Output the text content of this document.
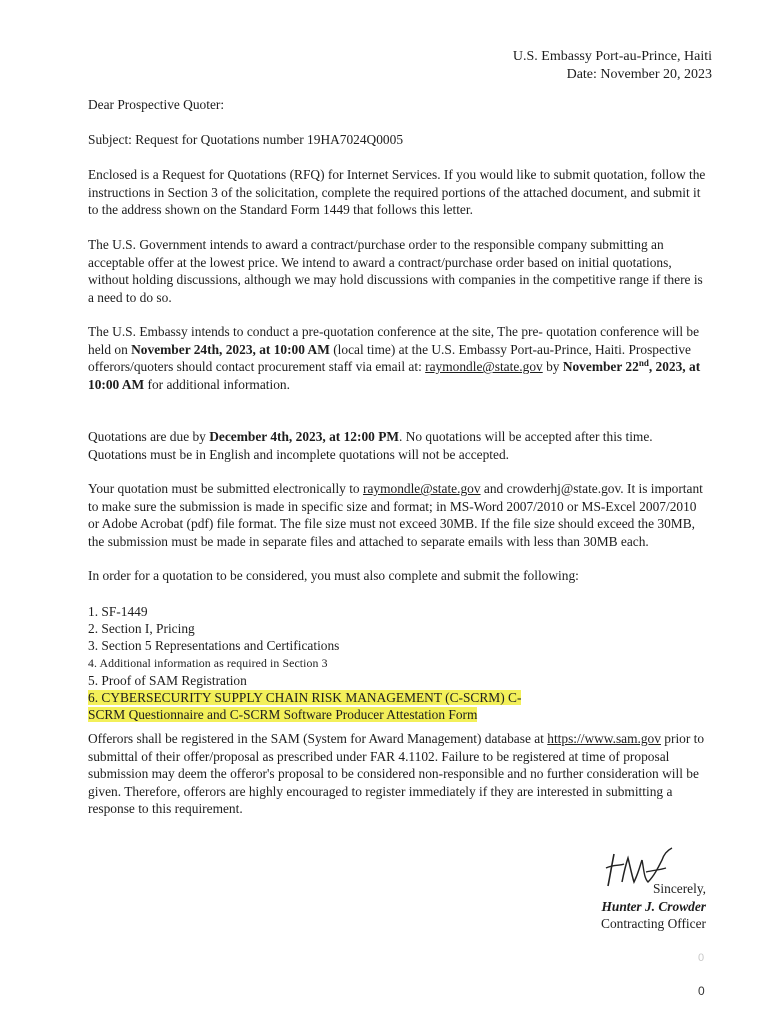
U.S. Embassy Port-au-Prince, Haiti
Date: November 20, 2023
Dear Prospective Quoter:
Subject: Request for Quotations number 19HA7024Q0005
Enclosed is a Request for Quotations (RFQ) for Internet Services. If you would like to submit quotation, follow the instructions in Section 3 of the solicitation, complete the required portions of the attached document, and submit it to the address shown on the Standard Form 1449 that follows this letter.
The U.S. Government intends to award a contract/purchase order to the responsible company submitting an acceptable offer at the lowest price. We intend to award a contract/purchase order based on initial quotations, without holding discussions, although we may hold discussions with companies in the competitive range if there is a need to do so.
The U.S. Embassy intends to conduct a pre-quotation conference at the site, The pre- quotation conference will be held on November 24th, 2023, at 10:00 AM (local time) at the U.S. Embassy Port-au-Prince, Haiti. Prospective offerors/quoters should contact procurement staff via email at: raymondle@state.gov by November 22nd, 2023, at 10:00 AM for additional information.
Quotations are due by December 4th, 2023, at 12:00 PM. No quotations will be accepted after this time. Quotations must be in English and incomplete quotations will not be accepted.
Your quotation must be submitted electronically to raymondle@state.gov and crowderhj@state.gov. It is important to make sure the submission is made in specific size and format; in MS-Word 2007/2010 or MS-Excel 2007/2010 or Adobe Acrobat (pdf) file format. The file size must not exceed 30MB. If the file size should exceed the 30MB, the submission must be made in separate files and attached to separate emails with less than 30MB each.
In order for a quotation to be considered, you must also complete and submit the following:
1. SF-1449
2. Section I, Pricing
3. Section 5 Representations and Certifications
4. Additional information as required in Section 3
5. Proof of SAM Registration
6. CYBERSECURITY SUPPLY CHAIN RISK MANAGEMENT (C-SCRM) C-
SCRM Questionnaire and C-SCRM Software Producer Attestation Form
Offerors shall be registered in the SAM (System for Award Management) database at https://www.sam.gov prior to submittal of their offer/proposal as prescribed under FAR 4.1102. Failure to be registered at time of proposal submission may deem the offeror's proposal to be considered non-responsible and no further consideration will be given. Therefore, offerors are highly encouraged to register immediately if they are interested in submitting a response to this requirement.
Sincerely,
Hunter J. Crowder
Contracting Officer
0
0
